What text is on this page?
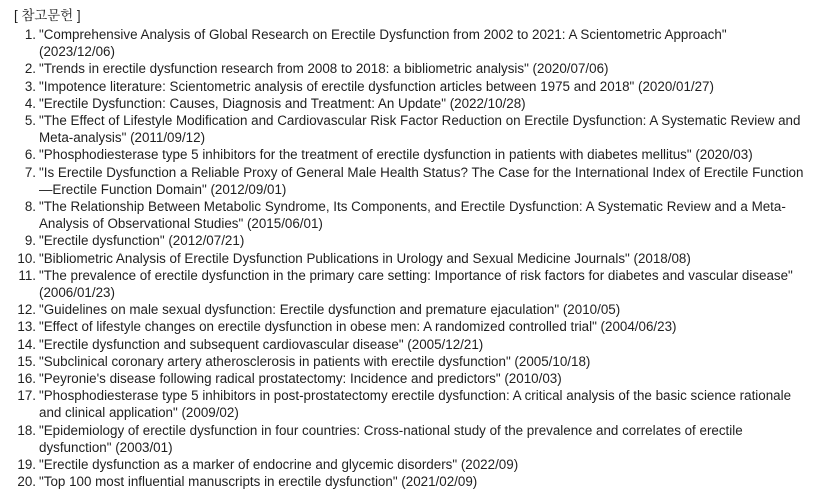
[ 참고문헌 ]
1. "Comprehensive Analysis of Global Research on Erectile Dysfunction from 2002 to 2021: A Scientometric Approach" (2023/12/06)
2. "Trends in erectile dysfunction research from 2008 to 2018: a bibliometric analysis" (2020/07/06)
3. "Impotence literature: Scientometric analysis of erectile dysfunction articles between 1975 and 2018" (2020/01/27)
4. "Erectile Dysfunction: Causes, Diagnosis and Treatment: An Update" (2022/10/28)
5. "The Effect of Lifestyle Modification and Cardiovascular Risk Factor Reduction on Erectile Dysfunction: A Systematic Review and Meta-analysis" (2011/09/12)
6. "Phosphodiesterase type 5 inhibitors for the treatment of erectile dysfunction in patients with diabetes mellitus" (2020/03)
7. "Is Erectile Dysfunction a Reliable Proxy of General Male Health Status? The Case for the International Index of Erectile Function—Erectile Function Domain" (2012/09/01)
8. "The Relationship Between Metabolic Syndrome, Its Components, and Erectile Dysfunction: A Systematic Review and a Meta-Analysis of Observational Studies" (2015/06/01)
9. "Erectile dysfunction" (2012/07/21)
10. "Bibliometric Analysis of Erectile Dysfunction Publications in Urology and Sexual Medicine Journals" (2018/08)
11. "The prevalence of erectile dysfunction in the primary care setting: Importance of risk factors for diabetes and vascular disease" (2006/01/23)
12. "Guidelines on male sexual dysfunction: Erectile dysfunction and premature ejaculation" (2010/05)
13. "Effect of lifestyle changes on erectile dysfunction in obese men: A randomized controlled trial" (2004/06/23)
14. "Erectile dysfunction and subsequent cardiovascular disease" (2005/12/21)
15. "Subclinical coronary artery atherosclerosis in patients with erectile dysfunction" (2005/10/18)
16. "Peyronie's disease following radical prostatectomy: Incidence and predictors" (2010/03)
17. "Phosphodiesterase type 5 inhibitors in post-prostatectomy erectile dysfunction: A critical analysis of the basic science rationale and clinical application" (2009/02)
18. "Epidemiology of erectile dysfunction in four countries: Cross-national study of the prevalence and correlates of erectile dysfunction" (2003/01)
19. "Erectile dysfunction as a marker of endocrine and glycemic disorders" (2022/09)
20. "Top 100 most influential manuscripts in erectile dysfunction" (2021/02/09)
